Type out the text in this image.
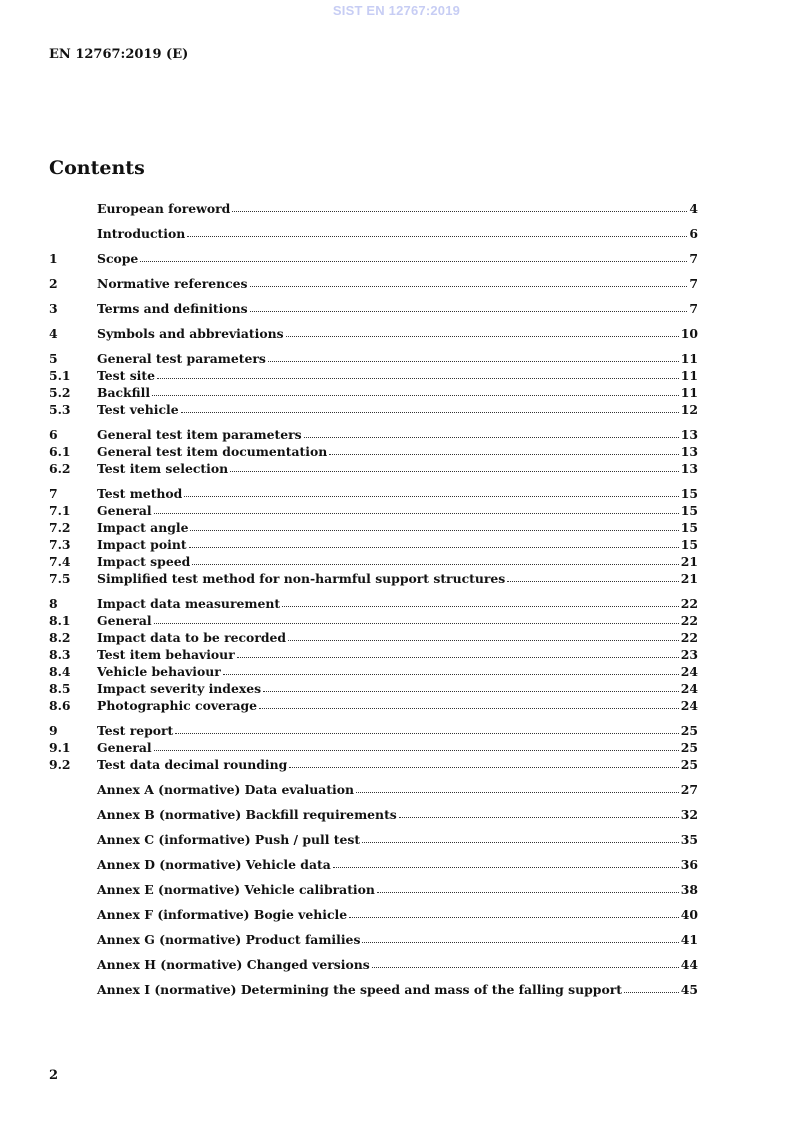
SIST EN 12767:2019
EN 12767:2019 (E)
Contents
European foreword	4
Introduction	6
1	Scope	7
2	Normative references	7
3	Terms and definitions	7
4	Symbols and abbreviations	10
5	General test parameters	11
5.1	Test site	11
5.2	Backfill	11
5.3	Test vehicle	12
6	General test item parameters	13
6.1	General test item documentation	13
6.2	Test item selection	13
7	Test method	15
7.1	General	15
7.2	Impact angle	15
7.3	Impact point	15
7.4	Impact speed	21
7.5	Simplified test method for non-harmful support structures	21
8	Impact data measurement	22
8.1	General	22
8.2	Impact data to be recorded	22
8.3	Test item behaviour	23
8.4	Vehicle behaviour	24
8.5	Impact severity indexes	24
8.6	Photographic coverage	24
9	Test report	25
9.1	General	25
9.2	Test data decimal rounding	25
Annex A (normative) Data evaluation	27
Annex B (normative) Backfill requirements	32
Annex C (informative) Push / pull test	35
Annex D (normative) Vehicle data	36
Annex E (normative) Vehicle calibration	38
Annex F (informative) Bogie vehicle	40
Annex G (normative) Product families	41
Annex H (normative) Changed versions	44
Annex I (normative) Determining the speed and mass of the falling support	45
2
